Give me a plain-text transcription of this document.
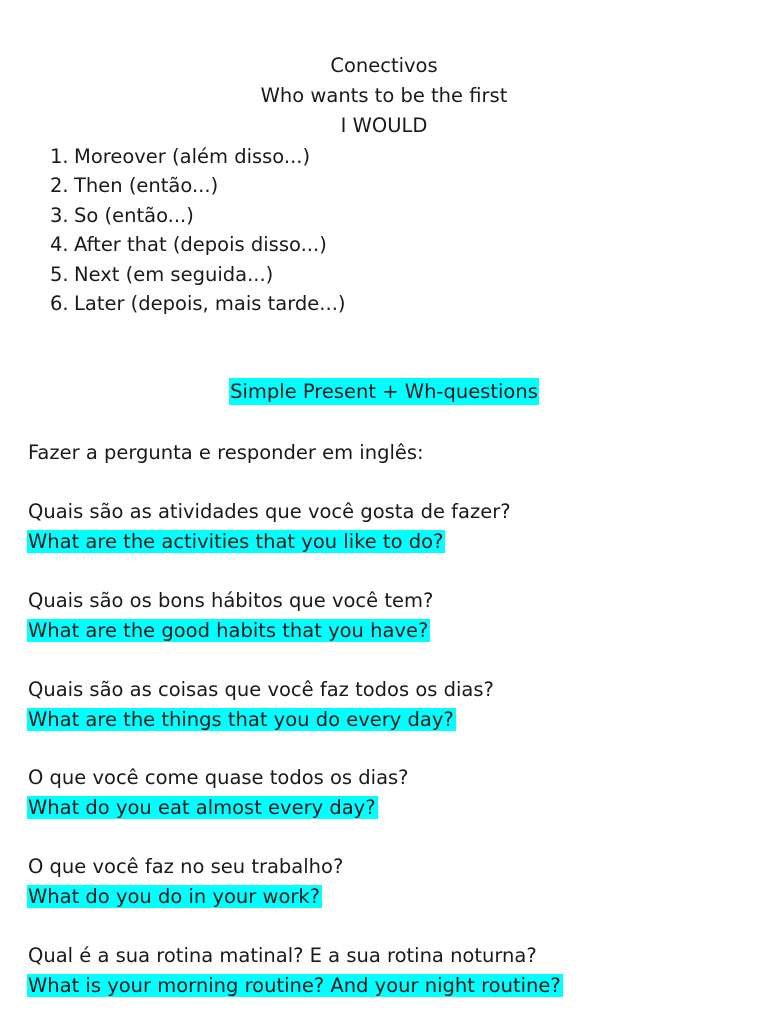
Conectivos
Who wants to be the first
I WOULD
1. Moreover (além disso...)
2. Then (então...)
3. So (então...)
4. After that (depois disso...)
5. Next (em seguida...)
6. Later (depois, mais tarde...)
Simple Present + Wh-questions
Fazer a pergunta e responder em inglês:
Quais são as atividades que você gosta de fazer?
What are the activities that you like to do?
Quais são os bons hábitos que você tem?
What are the good habits that you have?
Quais são as coisas que você faz todos os dias?
What are the things that you do every day?
O que você come quase todos os dias?
What do you eat almost every day?
O que você faz no seu trabalho?
What do you do in your work?
Qual é a sua rotina matinal? E a sua rotina noturna?
What is your morning routine? And your night routine?
